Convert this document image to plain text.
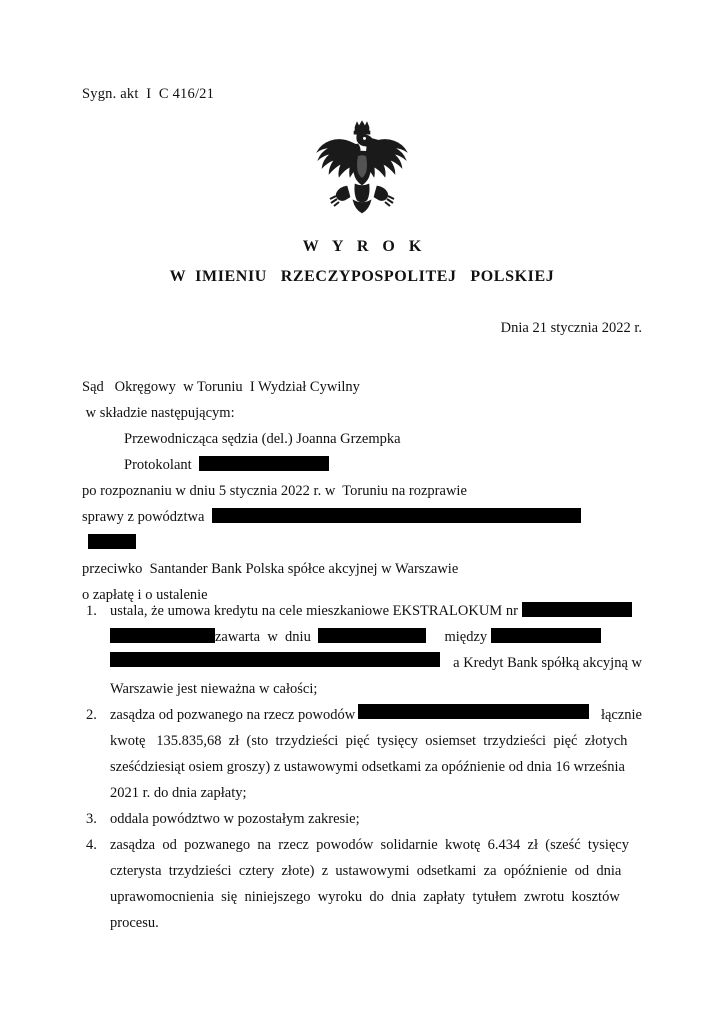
Sygn. akt  I  C 416/21
W Y R O K
W  IMIENIU   RZECZYPOSPOLITEJ   POLSKIEJ
Dnia 21 stycznia 2022 r.
Sąd   Okręgowy  w Toruniu  I Wydział Cywilny
w składzie następującym:
Przewodnicząca sędzia (del.) Joanna Grzempka
Protokolant
po rozpoznaniu w dniu 5 stycznia 2022 r. w  Toruniu na rozprawie
sprawy z powództwa
przeciwko  Santander Bank Polska spółce akcyjnej w Warszawie
o zapłatę i o ustalenie
1. ustala, że umowa kredytu na cele mieszkaniowe EKSTRALOKUM nr
zawarta  w  dniu	między
a Kredyt Bank spółką akcyjną w
Warszawie jest nieważna w całości;
2. zasądza od pozwanego na rzecz powodów	łącznie
kwotę   135.835,68  zł  (sto  trzydzieści  pięć  tysięcy  osiemset  trzydzieści  pięć  złotych
sześćdziesiąt osiem groszy) z ustawowymi odsetkami za opóźnienie od dnia 16 września
2021 r. do dnia zapłaty;
3. oddala powództwo w pozostałym zakresie;
4. zasądza  od  pozwanego  na  rzecz  powodów  solidarnie  kwotę  6.434  zł  (sześć  tysięcy
czterysta  trzydzieści  cztery  złote)  z  ustawowymi  odsetkami  za  opóźnienie  od  dnia
uprawomocnienia  się  niniejszego  wyroku  do  dnia  zapłaty  tytułem  zwrotu  kosztów
procesu.
